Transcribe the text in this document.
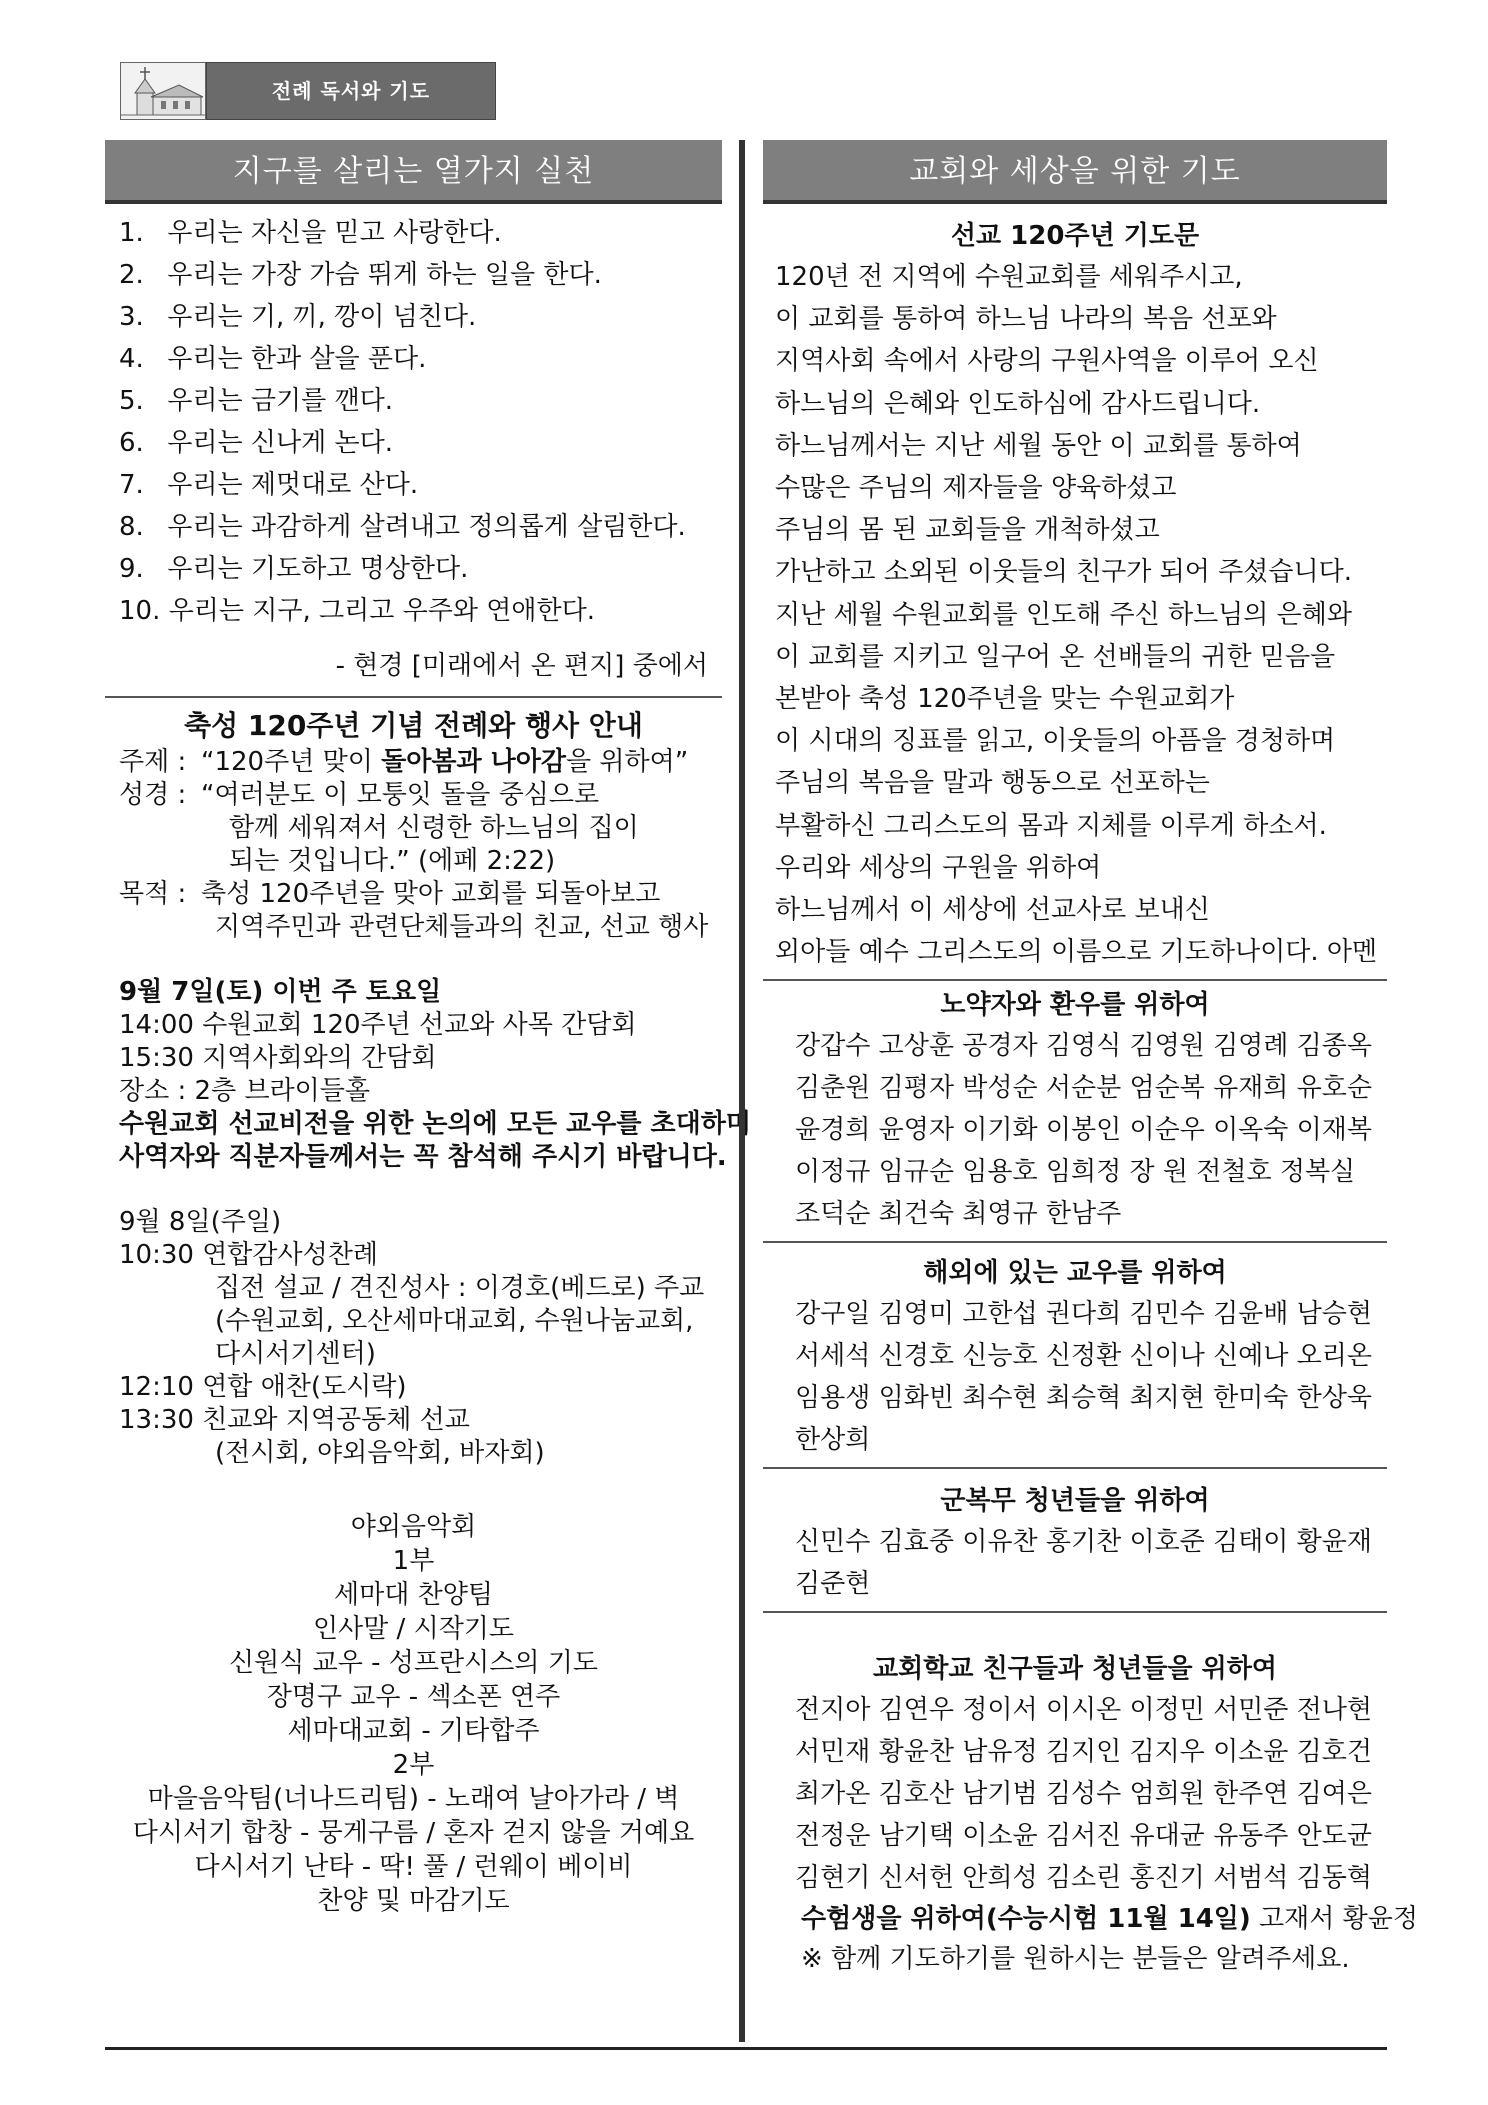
전례 독서와 기도
지구를 살리는 열가지 실천
1. 우리는 자신을 믿고 사랑한다.
2. 우리는 가장 가슴 뛰게 하는 일을 한다.
3. 우리는 기, 끼, 깡이 넘친다.
4. 우리는 한과 살을 푼다.
5. 우리는 금기를 깬다.
6. 우리는 신나게 논다.
7. 우리는 제멋대로 산다.
8. 우리는 과감하게 살려내고 정의롭게 살림한다.
9. 우리는 기도하고 명상한다.
10. 우리는 지구, 그리고 우주와 연애한다.
- 현경 [미래에서 온 편지] 중에서
축성 120주년 기념 전례와 행사 안내
주제 : “120주년 맞이 돌아봄과 나아감을 위하여”
성경 : “여러분도 이 모퉁잇 돌을 중심으로
함께 세워져서 신령한 하느님의 집이
되는 것입니다.” (에페 2:22)
목적 : 축성 120주년을 맞아 교회를 되돌아보고
지역주민과 관련단체들과의 친교, 선교 행사
9월 7일(토) 이번 주 토요일
14:00 수원교회 120주년 선교와 사목 간담회
15:30 지역사회와의 간담회
장소 : 2층 브라이들홀
수원교회 선교비전을 위한 논의에 모든 교우를 초대하며
사역자와 직분자들께서는 꼭 참석해 주시기 바랍니다.
9월 8일(주일)
10:30 연합감사성찬례
집전 설교 / 견진성사 : 이경호(베드로) 주교
(수원교회, 오산세마대교회, 수원나눔교회,
다시서기센터)
12:10 연합 애찬(도시락)
13:30 친교와 지역공동체 선교
(전시회, 야외음악회, 바자회)
야외음악회
1부
세마대 찬양팀
인사말 / 시작기도
신원식 교우 - 성프란시스의 기도
장명구 교우 - 섹소폰 연주
세마대교회 - 기타합주
2부
마을음악팀(너나드리팀) - 노래여 날아가라 / 벽
다시서기 합창 - 뭉게구름 / 혼자 걷지 않을 거예요
다시서기 난타 - 딱! 풀 / 런웨이 베이비
찬양 및 마감기도
교회와 세상을 위한 기도
선교 120주년 기도문
120년 전 지역에 수원교회를 세워주시고,
이 교회를 통하여 하느님 나라의 복음 선포와
지역사회 속에서 사랑의 구원사역을 이루어 오신
하느님의 은혜와 인도하심에 감사드립니다.
하느님께서는 지난 세월 동안 이 교회를 통하여
수많은 주님의 제자들을 양육하셨고
주님의 몸 된 교회들을 개척하셨고
가난하고 소외된 이웃들의 친구가 되어 주셨습니다.
지난 세월 수원교회를 인도해 주신 하느님의 은혜와
이 교회를 지키고 일구어 온 선배들의 귀한 믿음을
본받아 축성 120주년을 맞는 수원교회가
이 시대의 징표를 읽고, 이웃들의 아픔을 경청하며
주님의 복음을 말과 행동으로 선포하는
부활하신 그리스도의 몸과 지체를 이루게 하소서.
우리와 세상의 구원을 위하여
하느님께서 이 세상에 선교사로 보내신
외아들 예수 그리스도의 이름으로 기도하나이다. 아멘
노약자와 환우를 위하여
강갑수 고상훈 공경자 김영식 김영원 김영례 김종옥
김춘원 김평자 박성순 서순분 엄순복 유재희 유호순
윤경희 윤영자 이기화 이봉인 이순우 이옥숙 이재복
이정규 임규순 임용호 임희정 장 원 전철호 정복실
조덕순 최건숙 최영규 한남주
해외에 있는 교우를 위하여
강구일 김영미 고한섭 권다희 김민수 김윤배 남승현
서세석 신경호 신능호 신정환 신이나 신예나 오리온
임용생 임화빈 최수현 최승혁 최지현 한미숙 한상욱
한상희
군복무 청년들을 위하여
신민수 김효중 이유찬 홍기찬 이호준 김태이 황윤재
김준현
교회학교 친구들과 청년들을 위하여
전지아 김연우 정이서 이시온 이정민 서민준 전나현
서민재 황윤찬 남유정 김지인 김지우 이소윤 김호건
최가온 김호산 남기범 김성수 엄희원 한주연 김여은
전정운 남기택 이소윤 김서진 유대균 유동주 안도균
김현기 신서헌 안희성 김소린 홍진기 서범석 김동혁
수험생을 위하여(수능시험 11월 14일) 고재서 황윤정
※ 함께 기도하기를 원하시는 분들은 알려주세요.
